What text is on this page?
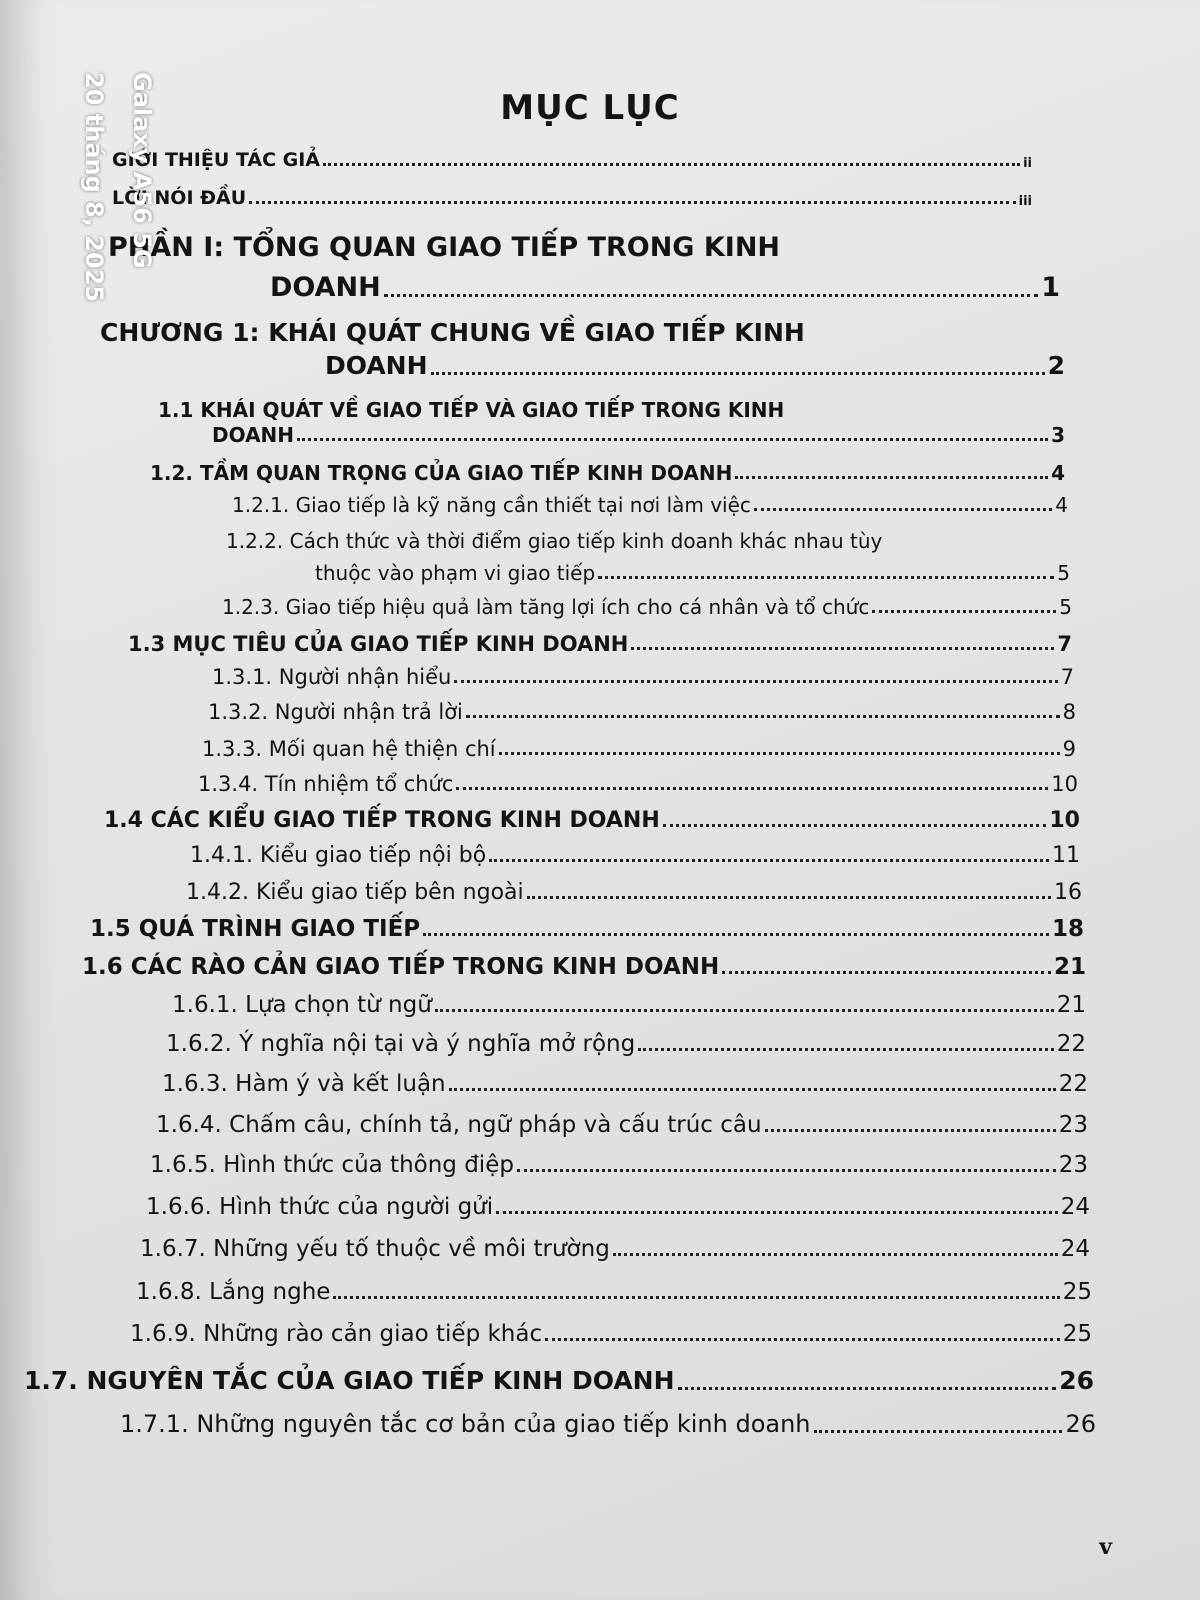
MỤC LỤC
GIỚI THIỆU TÁC GIẢ	ii
LỜI NÓI ĐẦU	iii
PHẦN I: TỔNG QUAN GIAO TIẾP TRONG KINH
DOANH	1
CHƯƠNG 1: KHÁI QUÁT CHUNG VỀ GIAO TIẾP KINH
DOANH	2
1.1 KHÁI QUÁT VỀ GIAO TIẾP VÀ GIAO TIẾP TRONG KINH
DOANH	3
1.2. TẦM QUAN TRỌNG CỦA GIAO TIẾP KINH DOANH	4
1.2.1. Giao tiếp là kỹ năng cần thiết tại nơi làm việc	4
1.2.2. Cách thức và thời điểm giao tiếp kinh doanh khác nhau tùy
thuộc vào phạm vi giao tiếp	5
1.2.3. Giao tiếp hiệu quả làm tăng lợi ích cho cá nhân và tổ chức	5
1.3 MỤC TIÊU CỦA GIAO TIẾP KINH DOANH	7
1.3.1. Người nhận hiểu	7
1.3.2. Người nhận trả lời	8
1.3.3. Mối quan hệ thiện chí	9
1.3.4. Tín nhiệm tổ chức	10
1.4 CÁC KIỂU GIAO TIẾP TRONG KINH DOANH	10
1.4.1. Kiểu giao tiếp nội bộ	11
1.4.2. Kiểu giao tiếp bên ngoài	16
1.5 QUÁ TRÌNH GIAO TIẾP	18
1.6 CÁC RÀO CẢN GIAO TIẾP TRONG KINH DOANH	21
1.6.1. Lựa chọn từ ngữ	21
1.6.2. Ý nghĩa nội tại và ý nghĩa mở rộng	22
1.6.3. Hàm ý và kết luận	22
1.6.4. Chấm câu, chính tả, ngữ pháp và cấu trúc câu	23
1.6.5. Hình thức của thông điệp	23
1.6.6. Hình thức của người gửi	24
1.6.7. Những yếu tố thuộc về môi trường	24
1.6.8. Lắng nghe	25
1.6.9. Những rào cản giao tiếp khác	25
1.7. NGUYÊN TẮC CỦA GIAO TIẾP KINH DOANH	26
1.7.1. Những nguyên tắc cơ bản của giao tiếp kinh doanh	26
v
Galaxy A56 5G
20 tháng 8, 2025
